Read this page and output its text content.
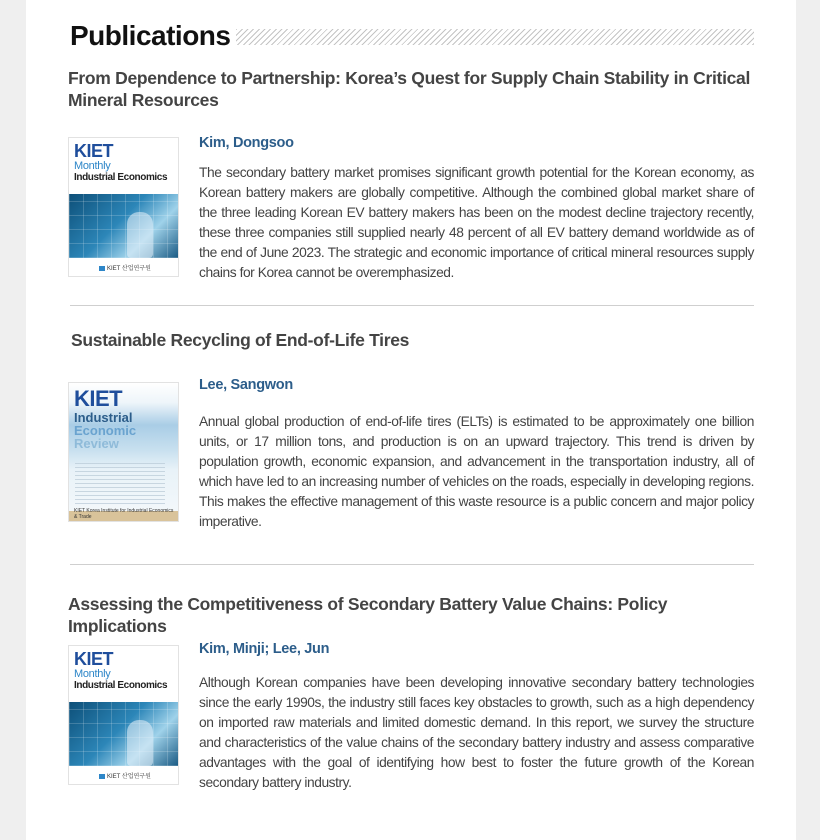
Publications
From Dependence to Partnership: Korea’s Quest for Supply Chain Stability in Critical Mineral Resources
KIET
Monthly
Industrial Economics
KIET 산업연구원
Kim, Dongsoo
The secondary battery market promises significant growth potential for the Korean economy, as Korean battery makers are globally competitive. Although the combined global market share of the three leading Korean EV battery makers has been on the modest decline trajectory recently, these three companies still supplied nearly 48 percent of all EV battery demand worldwide as of the end of June 2023. The strategic and economic importance of critical mineral resources supply chains for Korea cannot be overemphasized.
Sustainable Recycling of End-of-Life Tires
KIET
Industrial
Economic
Review
KIET Korea Institute for Industrial Economics & Trade
Lee, Sangwon
Annual global production of end-of-life tires (ELTs) is estimated to be approximately one billion units, or 17 million tons, and production is on an upward trajectory. This trend is driven by population growth, economic expansion, and advancement in the transportation industry, all of which have led to an increasing number of vehicles on the roads, especially in developing regions. This makes the effective management of this waste resource is a public concern and major policy imperative.
Assessing the Competitiveness of Secondary Battery Value Chains: Policy Implications
KIET
Monthly
Industrial Economics
KIET 산업연구원
Kim, Minji; Lee, Jun
Although Korean companies have been developing innovative secondary battery technologies since the early 1990s, the industry still faces key obstacles to growth, such as a high dependency on imported raw materials and limited domestic demand. In this report, we survey the structure and characteristics of the value chains of the secondary battery industry and assess comparative advantages with the goal of identifying how best to foster the future growth of the Korean secondary battery industry.
